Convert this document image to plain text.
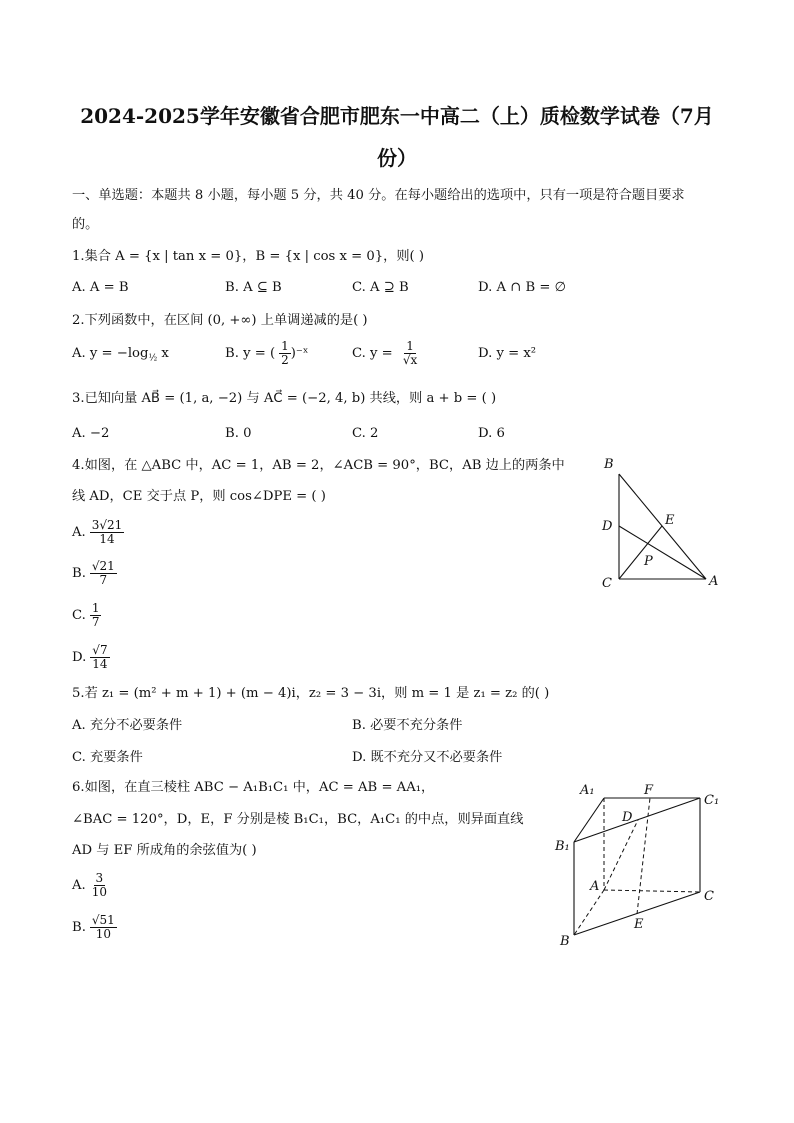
2024-2025学年安徽省合肥市肥东一中高二（上）质检数学试卷（7月
份）
一、单选题：本题共 8 小题，每小题 5 分，共 40 分。在每小题给出的选项中，只有一项是符合题目要求
的。
1.集合 A = {x | tan x = 0}，B = {x | cos x = 0}，则( )
A. A = B	B. A ⊆ B	C. A ⊇ B	D. A ∩ B = ∅
2.下列函数中，在区间 (0, +∞) 上单调递减的是( )
A. $y = -\log_{\frac{1}{2}}$ x	B. y = ( $\frac{1}{2}$ )⁻ˣ	C. $y = \frac{1}{√x}$	D. y = x²
3.已知向量 AB⃗ = (1, a, −2) 与 AC⃗ = (−2, 4, b) 共线，则 a + b = ( )
A. −2	B. 0	C. 2	D. 6
4.如图，在 △ABC 中，AC = 1，AB = 2，∠ACB = 90°，BC，AB 边上的两条中
线 AD，CE 交于点 P，则 cos∠DPE = ( )
A. $\frac{3√21}{14}$
B. $\frac{√21}{7}$
C. $\frac{1}{7}$
D. $\frac{√7}{14}$
B
D	E
P
C	A
5.若 z₁ = (m² + m + 1) + (m − 4)i，z₂ = 3 − 3i，则 m = 1 是 z₁ = z₂ 的( )
A. 充分不必要条件	B. 必要不充分条件
C. 充要条件	D. 既不充分又不必要条件
6.如图，在直三棱柱 ABC − A₁B₁C₁ 中，AC = AB = AA₁，
∠BAC = 120°，D，E，F 分别是棱 B₁C₁，BC，A₁C₁ 的中点，则异面直线
AD 与 EF 所成角的余弦值为( )
A. $\frac{3}{10}$
B. $\frac{√51}{10}$
A₁	F
C₁
D
B₁
A
C
E
B
